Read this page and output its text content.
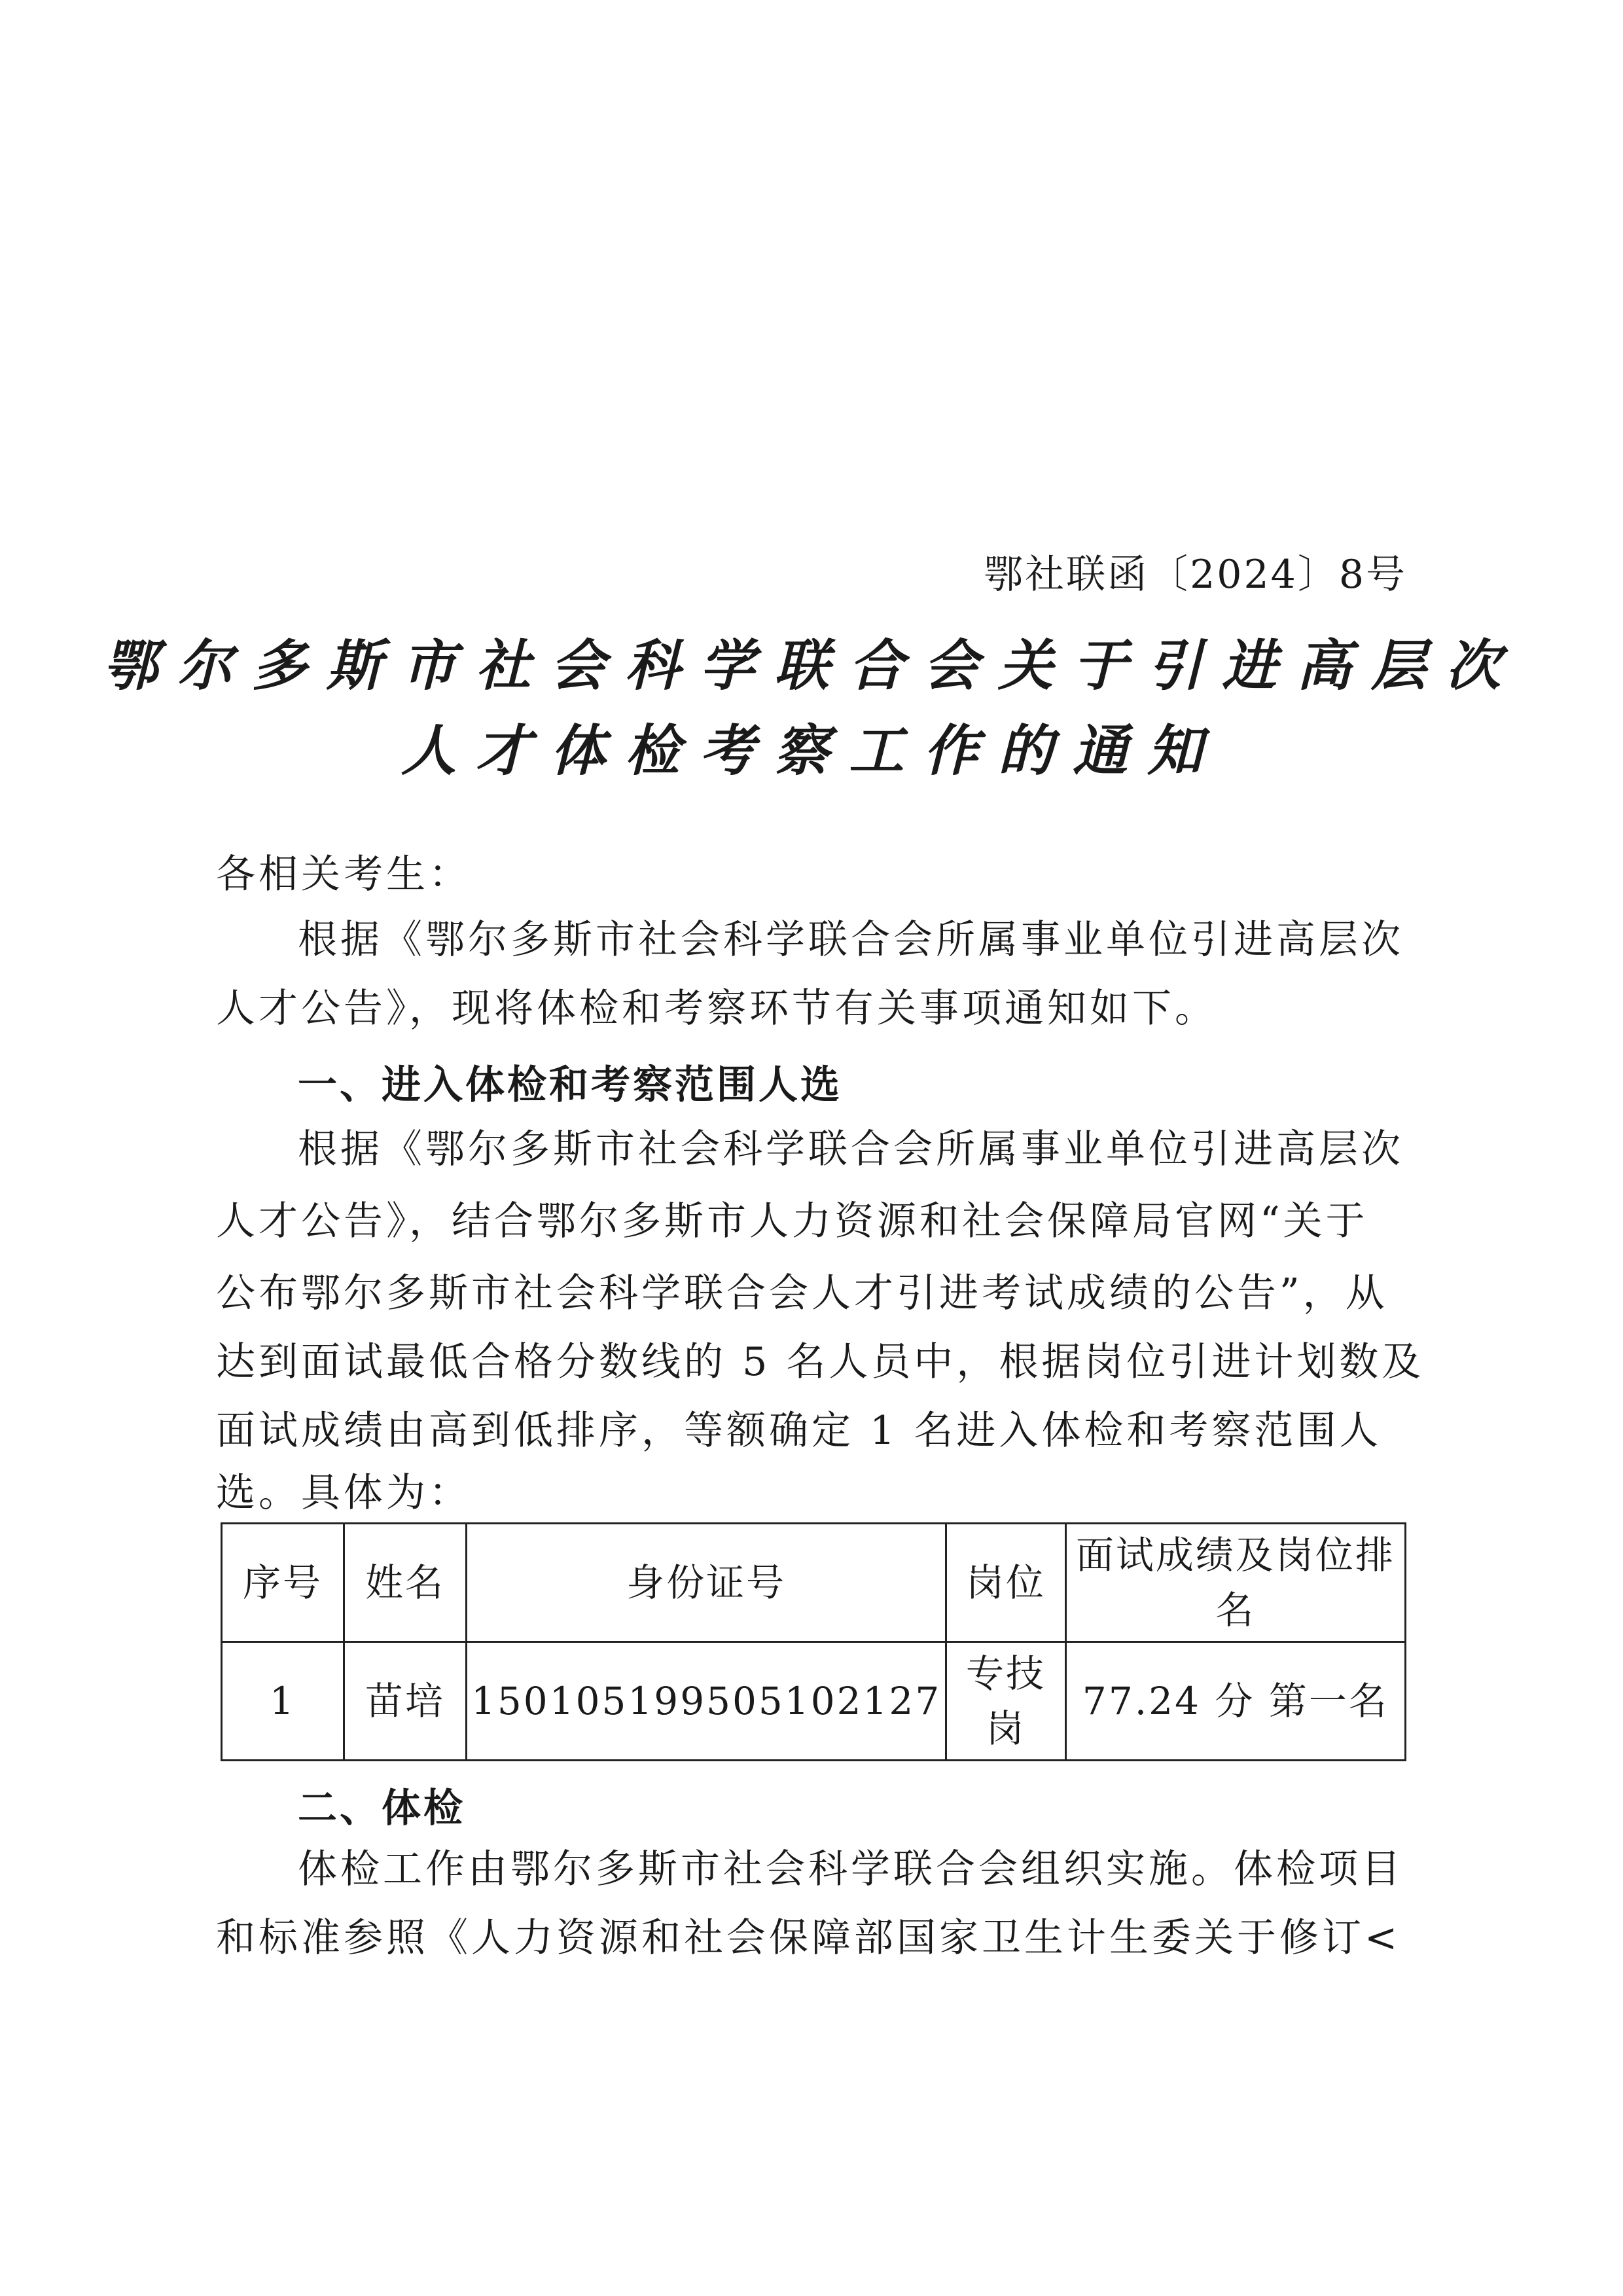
鄂社联函〔2024〕8号
鄂尔多斯市社会科学联合会关于引进高层次
人才体检考察工作的通知
各相关考生：
根据《鄂尔多斯市社会科学联合会所属事业单位引进高层次
人才公告》，现将体检和考察环节有关事项通知如下。
一、进入体检和考察范围人选
根据《鄂尔多斯市社会科学联合会所属事业单位引进高层次
人才公告》，结合鄂尔多斯市人力资源和社会保障局官网“关于
公布鄂尔多斯市社会科学联合会人才引进考试成绩的公告”，从
达到面试最低合格分数线的 5 名人员中，根据岗位引进计划数及
面试成绩由高到低排序，等额确定 1 名进入体检和考察范围人
选。具体为：
序号	姓名	身份证号	岗位	面试成绩及岗位排名
1	苗培	150105199505102127	专技岗	77.24 分 第一名
二、体检
体检工作由鄂尔多斯市社会科学联合会组织实施。体检项目
和标准参照《人力资源和社会保障部国家卫生计生委关于修订<
